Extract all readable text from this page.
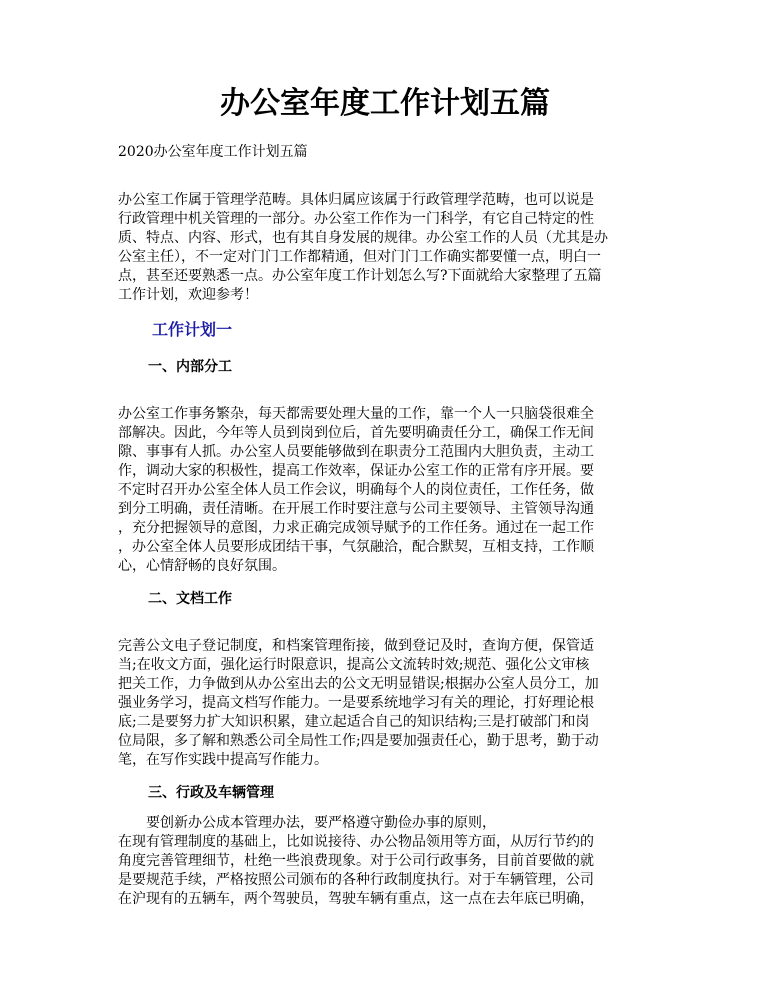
办公室年度工作计划五篇
2020办公室年度工作计划五篇
办公室工作属于管理学范畴。具体归属应该属于行政管理学范畴，也可以说是
行政管理中机关管理的一部分。办公室工作作为一门科学，有它自己特定的性
质、特点、内容、形式，也有其自身发展的规律。办公室工作的人员（尤其是办
公室主任），不一定对门门工作都精通，但对门门工作确实都要懂一点，明白一
点，甚至还要熟悉一点。办公室年度工作计划怎么写?下面就给大家整理了五篇
工作计划，欢迎参考！
工作计划一
一、内部分工
办公室工作事务繁杂，每天都需要处理大量的工作，靠一个人一只脑袋很难全
部解决。因此，今年等人员到岗到位后，首先要明确责任分工，确保工作无间
隙、事事有人抓。办公室人员要能够做到在职责分工范围内大胆负责，主动工
作，调动大家的积极性，提高工作效率，保证办公室工作的正常有序开展。要
不定时召开办公室全体人员工作会议，明确每个人的岗位责任，工作任务，做
到分工明确，责任清晰。在开展工作时要注意与公司主要领导、主管领导沟通
，充分把握领导的意图，力求正确完成领导赋予的工作任务。通过在一起工作
，办公室全体人员要形成团结干事，气氛融洽，配合默契，互相支持，工作顺
心，心情舒畅的良好氛围。
二、文档工作
完善公文电子登记制度，和档案管理衔接，做到登记及时，查询方便，保管适
当;在收文方面，强化运行时限意识，提高公文流转时效;规范、强化公文审核
把关工作，力争做到从办公室出去的公文无明显错误;根据办公室人员分工，加
强业务学习，提高文档写作能力。一是要系统地学习有关的理论，打好理论根
底;二是要努力扩大知识积累，建立起适合自己的知识结构;三是打破部门和岗
位局限，多了解和熟悉公司全局性工作;四是要加强责任心，勤于思考，勤于动
笔，在写作实践中提高写作能力。
三、行政及车辆管理
　　要创新办公成本管理办法，要严格遵守勤俭办事的原则，
在现有管理制度的基础上，比如说接待、办公物品领用等方面，从厉行节约的
角度完善管理细节，杜绝一些浪费现象。对于公司行政事务，目前首要做的就
是要规范手续，严格按照公司颁布的各种行政制度执行。对于车辆管理，公司
在沪现有的五辆车，两个驾驶员，驾驶车辆有重点，这一点在去年底已明确，
